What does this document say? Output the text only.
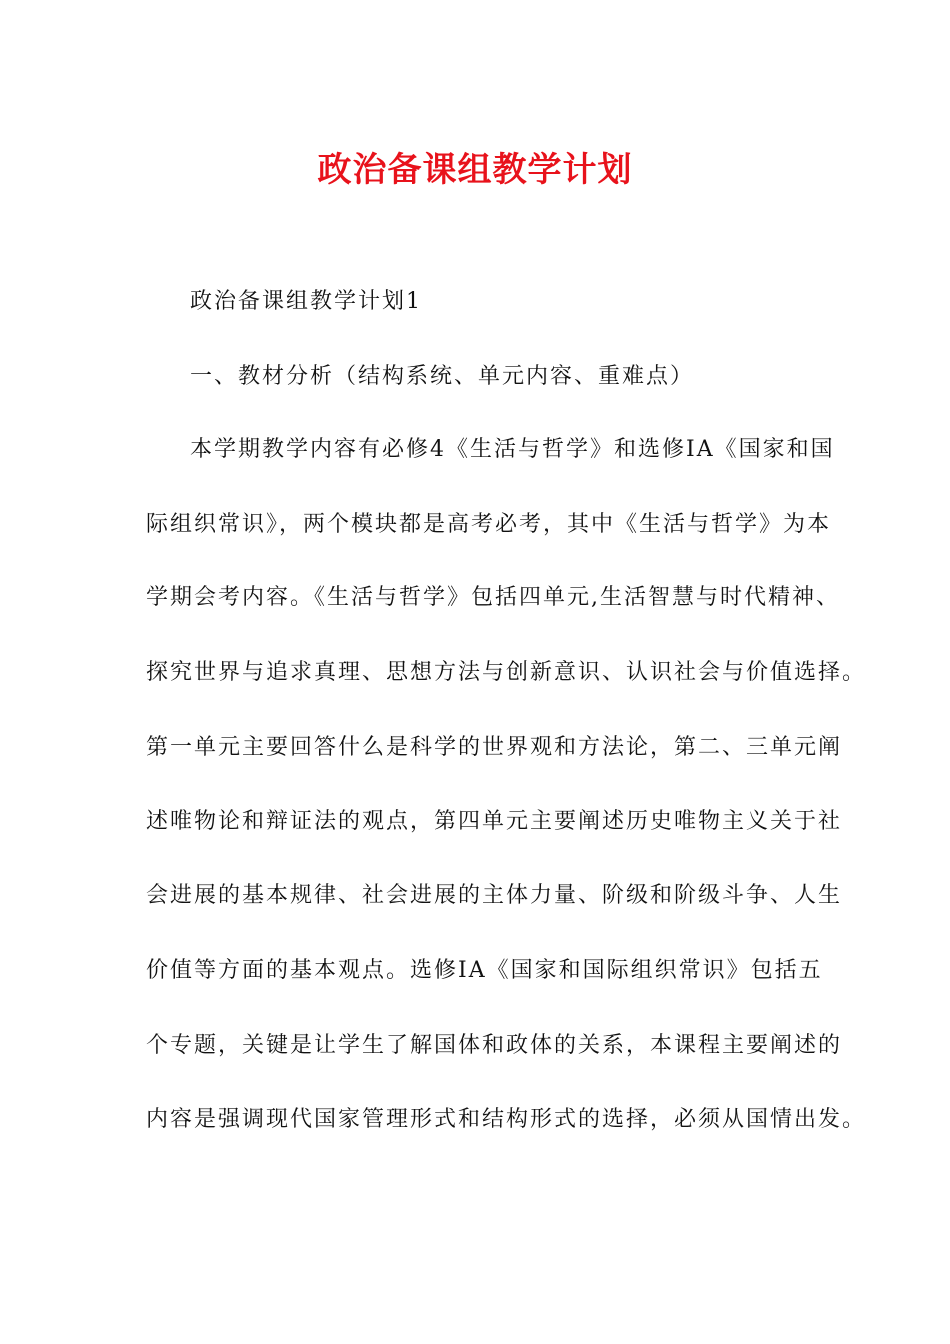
政治备课组教学计划
政治备课组教学计划1
一、教材分析（结构系统、单元内容、重难点）
本学期教学内容有必修4《生活与哲学》和选修ⅠA《国家和国
际组织常识》，两个模块都是高考必考，其中《生活与哲学》为本
学期会考内容。《生活与哲学》包括四单元,生活智慧与时代精神、
探究世界与追求真理、思想方法与创新意识、认识社会与价值选择。
第一单元主要回答什么是科学的世界观和方法论，第二、三单元阐
述唯物论和辩证法的观点，第四单元主要阐述历史唯物主义关于社
会进展的基本规律、社会进展的主体力量、阶级和阶级斗争、人生
价值等方面的基本观点。选修ⅠA《国家和国际组织常识》包括五
个专题，关键是让学生了解国体和政体的关系，本课程主要阐述的
内容是强调现代国家管理形式和结构形式的选择，必须从国情出发。
